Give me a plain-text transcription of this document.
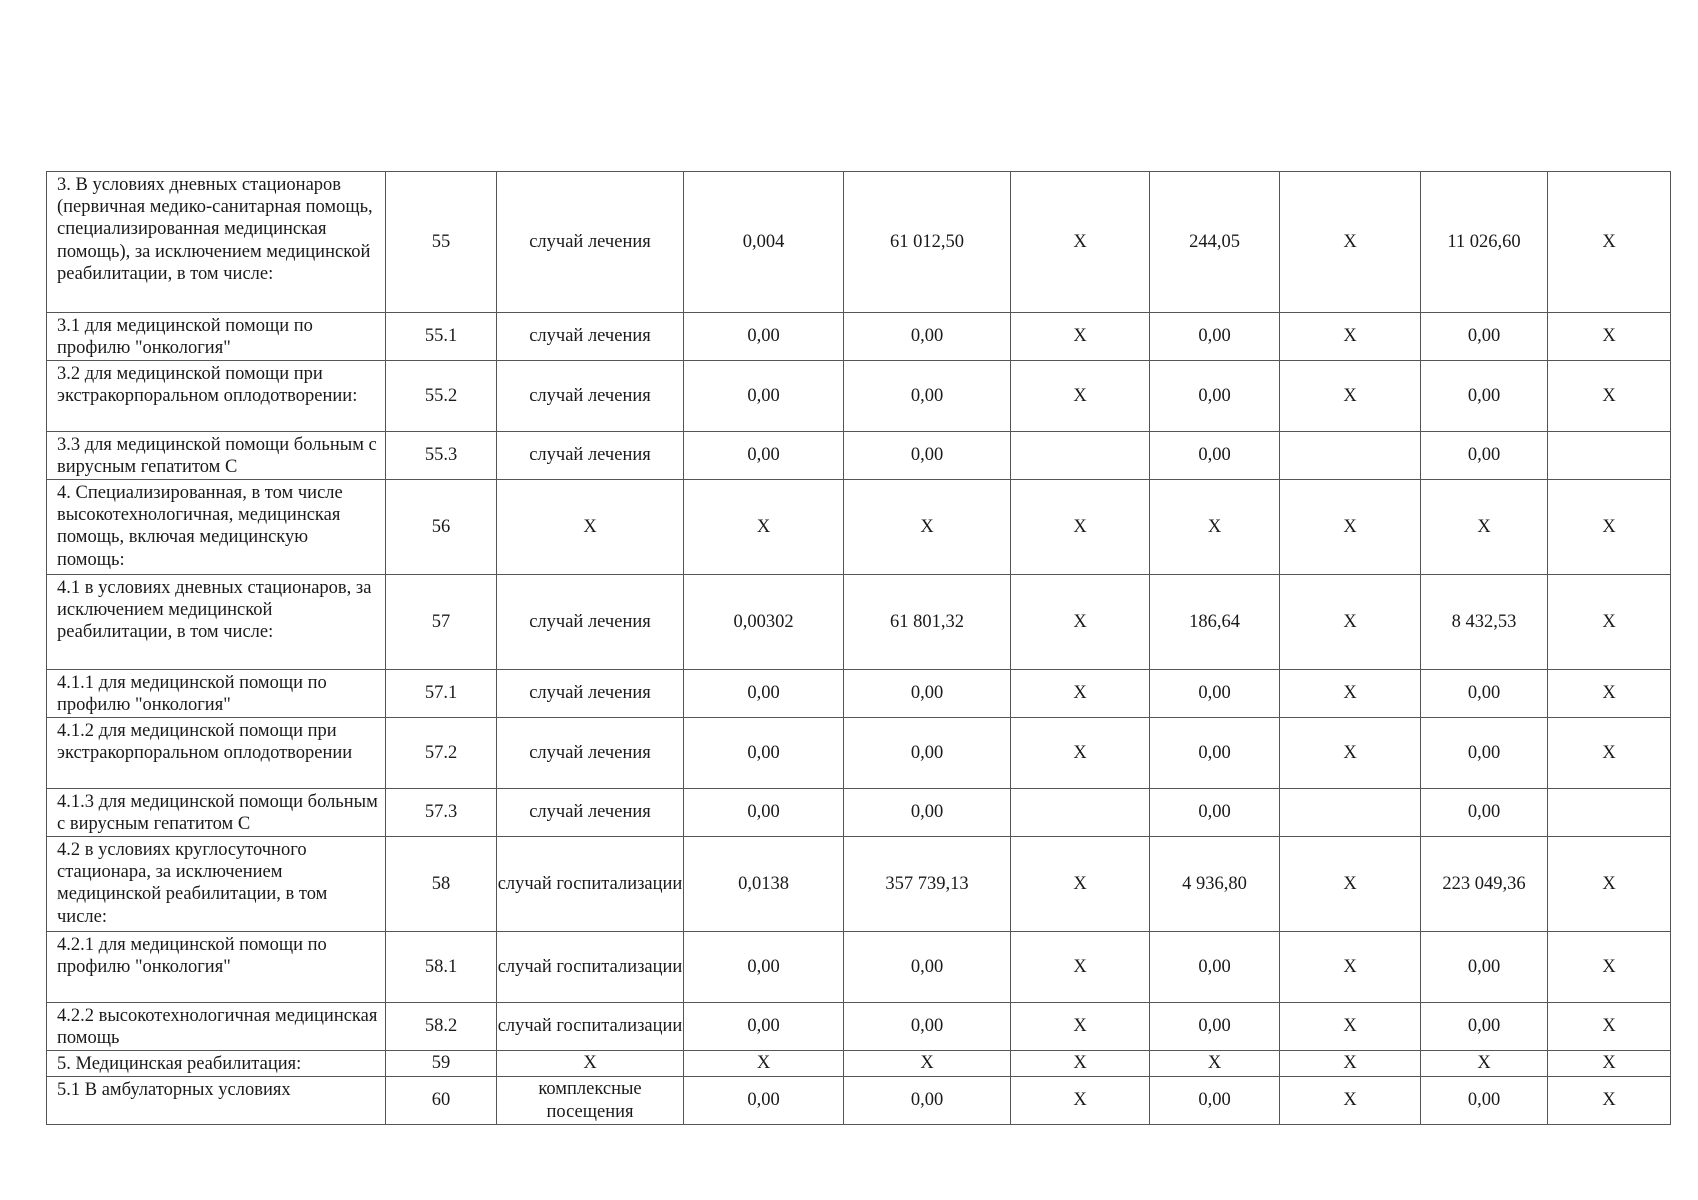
3. В условиях дневных стационаров (первичная медико-санитарная помощь, специализированная медицинская помощь), за исключением медицинской реабилитации, в том числе:	55	случай лечения	0,004	61 012,50	X	244,05	X	11 026,60	X
3.1 для медицинской помощи по профилю "онкология"	55.1	случай лечения	0,00	0,00	X	0,00	X	0,00	X
3.2 для медицинской помощи при экстракорпоральном оплодотворении:	55.2	случай лечения	0,00	0,00	X	0,00	X	0,00	X
3.3 для медицинской помощи больным с вирусным гепатитом С	55.3	случай лечения	0,00	0,00		0,00		0,00	
4. Специализированная, в том числе высокотехнологичная, медицинская помощь, включая медицинскую помощь:	56	X	X	X	X	X	X	X	X
4.1 в условиях дневных стационаров, за исключением медицинской реабилитации, в том числе:	57	случай лечения	0,00302	61 801,32	X	186,64	X	8 432,53	X
4.1.1 для медицинской помощи по профилю "онкология"	57.1	случай лечения	0,00	0,00	X	0,00	X	0,00	X
4.1.2 для медицинской помощи при экстракорпоральном оплодотворении	57.2	случай лечения	0,00	0,00	X	0,00	X	0,00	X
4.1.3 для медицинской помощи больным с вирусным гепатитом С	57.3	случай лечения	0,00	0,00		0,00		0,00	
4.2 в условиях круглосуточного стационара, за исключением медицинской реабилитации, в том числе:	58	случай госпитализации	0,0138	357 739,13	X	4 936,80	X	223 049,36	X
4.2.1 для медицинской помощи по профилю "онкология"	58.1	случай госпитализации	0,00	0,00	X	0,00	X	0,00	X
4.2.2 высокотехнологичная медицинская помощь	58.2	случай госпитализации	0,00	0,00	X	0,00	X	0,00	X
5. Медицинская реабилитация:	59	X	X	X	X	X	X	X	X
5.1 В амбулаторных условиях	60	комплексные посещения	0,00	0,00	X	0,00	X	0,00	X
